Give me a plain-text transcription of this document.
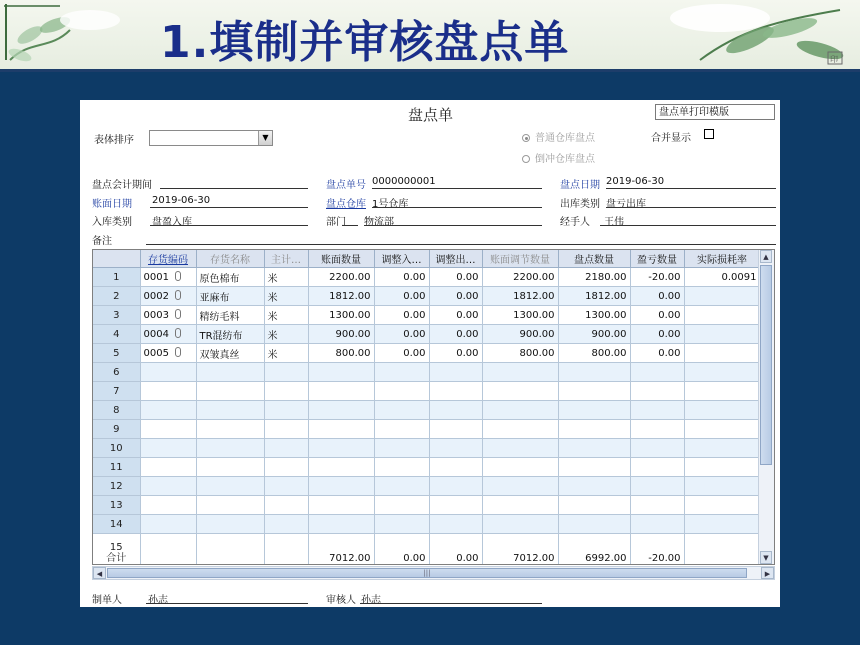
1.填制并审核盘点单	印
盘点单	盘点单打印模版
表体排序	▼	普通仓库盘点
倒冲仓库盘点
合并显示
盘点会计期间	盘点单号 0000000001	盘点日期 2019-06-30
账面日期 2019-06-30	盘点仓库 1号仓库	出库类别 盘亏出库
入库类别 盘盈入库	部门 物流部	经手人 王伟
备注
	存货编码	存货名称	主计…	账面数量	调整入…	调整出…	账面调节数量	盘点数量	盈亏数量	实际损耗率
1	0001	原色棉布	米	2200.00	0.00	0.00	2200.00	2180.00	-20.00	0.0091
2	0002	亚麻布	米	1812.00	0.00	0.00	1812.00	1812.00	0.00	
3	0003	精纺毛料	米	1300.00	0.00	0.00	1300.00	1300.00	0.00	
4	0004	TR混纺布	米	900.00	0.00	0.00	900.00	900.00	0.00	
5	0005	双皱真丝	米	800.00	0.00	0.00	800.00	800.00	0.00	
6										
7										
8										
9										
10										
11										
12										
13										
14										

15
合计				7012.00	0.00	0.00	7012.00	6992.00	-20.00	
▲
▼
◀	|||	▶
制单人	孙志	审核人 孙志
